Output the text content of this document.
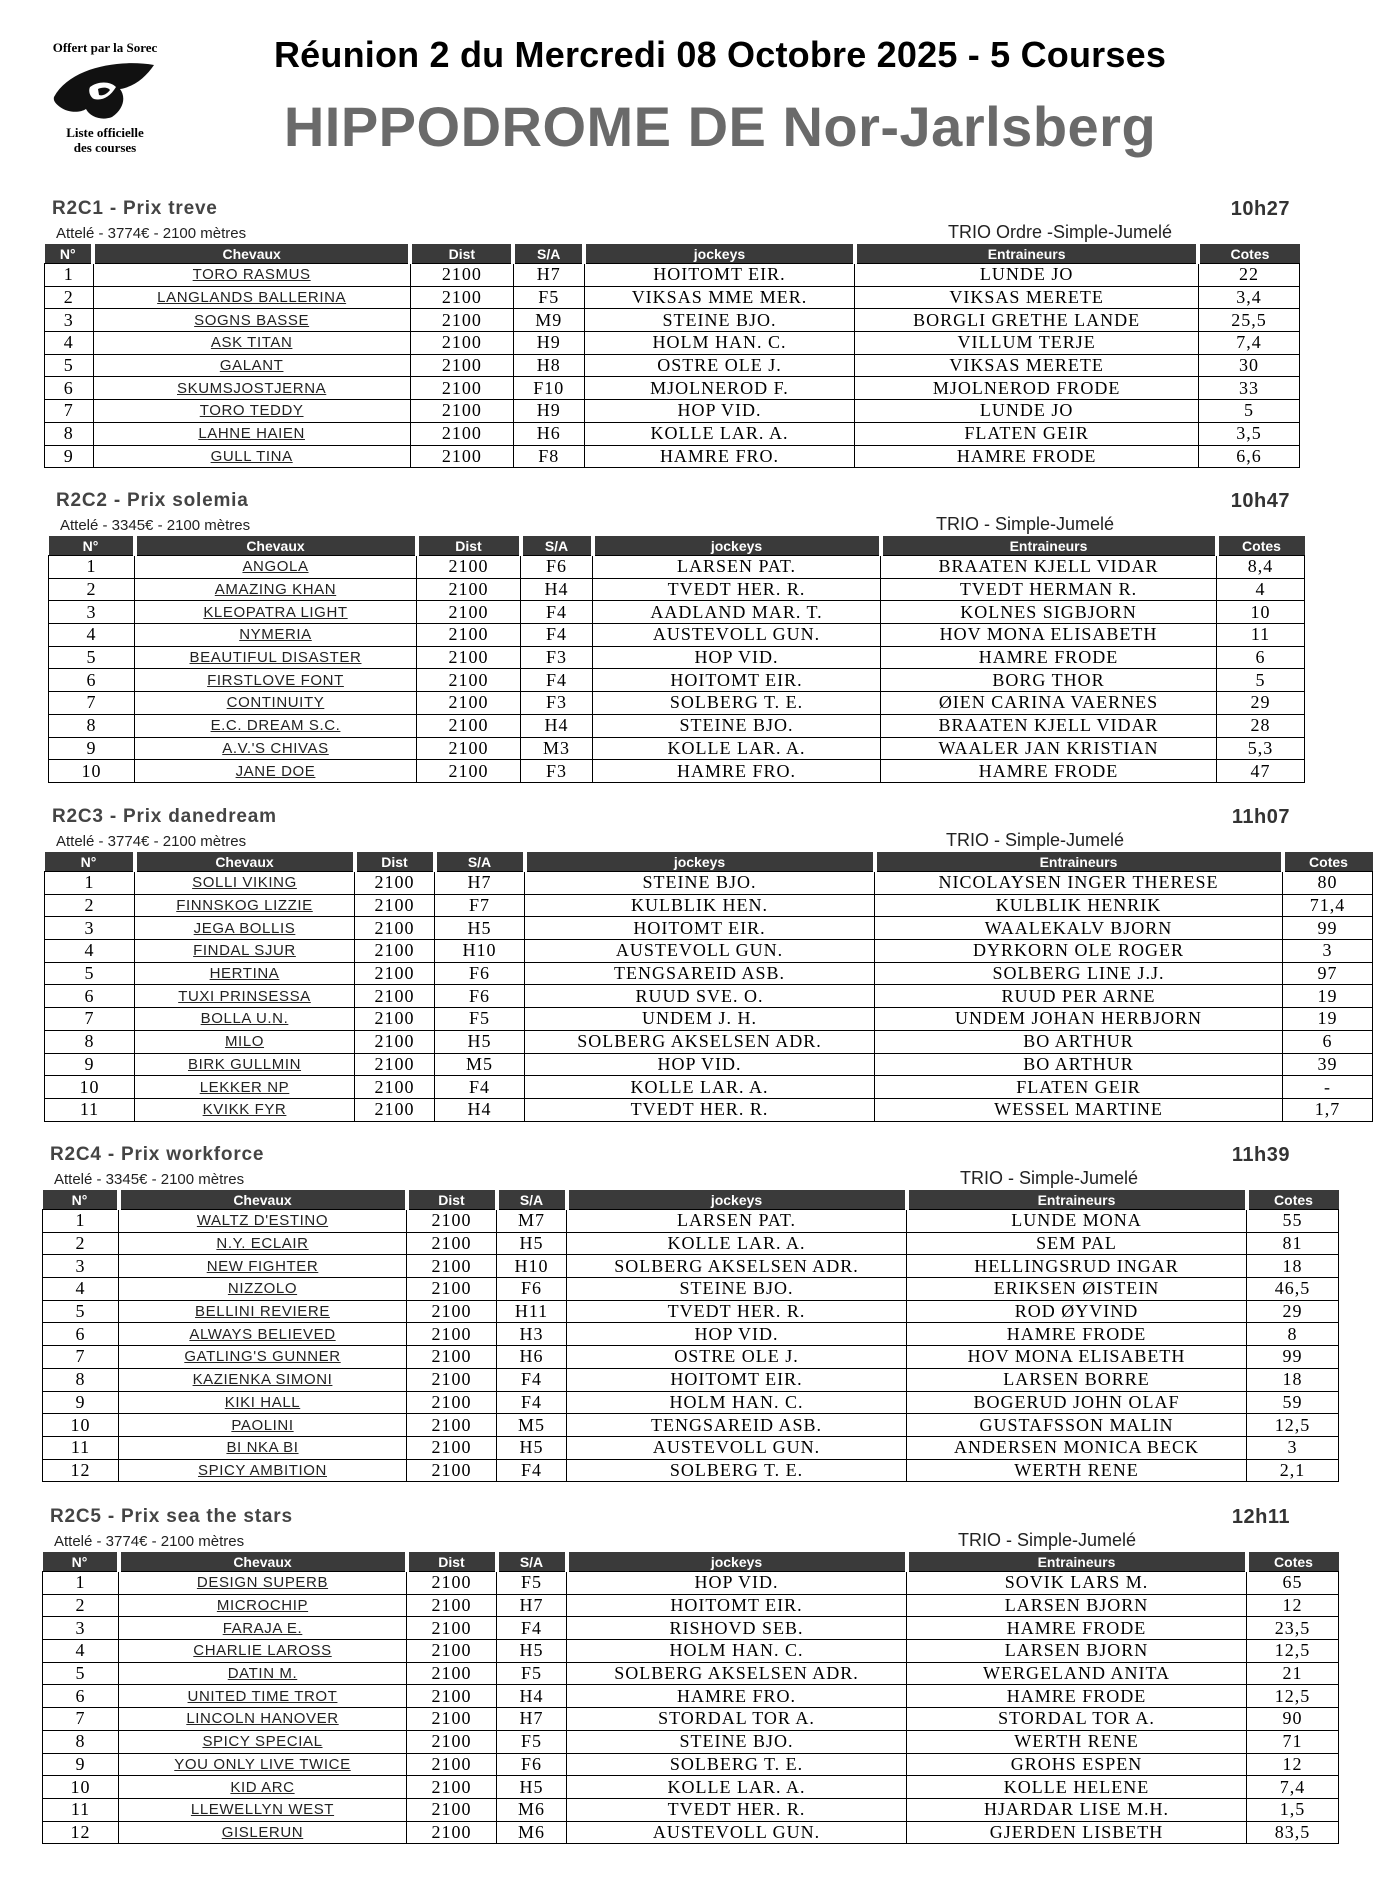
Offert par la Sorec
Liste officielle
des courses
Réunion 2 du Mercredi 08 Octobre 2025 - 5 Courses
HIPPODROME DE Nor-Jarlsberg
R2C1 - Prix treve	10h27
Attelé - 3774€ - 2100 mètres	TRIO Ordre -Simple-Jumelé
N°	Chevaux	Dist	S/A	jockeys	Entraineurs	Cotes
1	TORO RASMUS	2100	H7	HOITOMT EIR.	LUNDE JO	22
2	LANGLANDS BALLERINA	2100	F5	VIKSAS MME MER.	VIKSAS MERETE	3,4
3	SOGNS BASSE	2100	M9	STEINE BJO.	BORGLI GRETHE LANDE	25,5
4	ASK TITAN	2100	H9	HOLM HAN. C.	VILLUM TERJE	7,4
5	GALANT	2100	H8	OSTRE OLE J.	VIKSAS MERETE	30
6	SKUMSJOSTJERNA	2100	F10	MJOLNEROD F.	MJOLNEROD FRODE	33
7	TORO TEDDY	2100	H9	HOP VID.	LUNDE JO	5
8	LAHNE HAIEN	2100	H6	KOLLE LAR. A.	FLATEN GEIR	3,5
9	GULL TINA	2100	F8	HAMRE FRO.	HAMRE FRODE	6,6
R2C2 - Prix solemia	10h47
Attelé - 3345€ - 2100 mètres	TRIO - Simple-Jumelé
N°	Chevaux	Dist	S/A	jockeys	Entraineurs	Cotes
1	ANGOLA	2100	F6	LARSEN PAT.	BRAATEN KJELL VIDAR	8,4
2	AMAZING KHAN	2100	H4	TVEDT HER. R.	TVEDT HERMAN R.	4
3	KLEOPATRA LIGHT	2100	F4	AADLAND MAR. T.	KOLNES SIGBJORN	10
4	NYMERIA	2100	F4	AUSTEVOLL GUN.	HOV MONA ELISABETH	11
5	BEAUTIFUL DISASTER	2100	F3	HOP VID.	HAMRE FRODE	6
6	FIRSTLOVE FONT	2100	F4	HOITOMT EIR.	BORG THOR	5
7	CONTINUITY	2100	F3	SOLBERG T. E.	ØIEN CARINA VAERNES	29
8	E.C. DREAM S.C.	2100	H4	STEINE BJO.	BRAATEN KJELL VIDAR	28
9	A.V.'S CHIVAS	2100	M3	KOLLE LAR. A.	WAALER JAN KRISTIAN	5,3
10	JANE DOE	2100	F3	HAMRE FRO.	HAMRE FRODE	47
R2C3 - Prix danedream	11h07
Attelé - 3774€ - 2100 mètres	TRIO - Simple-Jumelé
N°	Chevaux	Dist	S/A	jockeys	Entraineurs	Cotes
1	SOLLI VIKING	2100	H7	STEINE BJO.	NICOLAYSEN INGER THERESE	80
2	FINNSKOG LIZZIE	2100	F7	KULBLIK HEN.	KULBLIK HENRIK	71,4
3	JEGA BOLLIS	2100	H5	HOITOMT EIR.	WAALEKALV BJORN	99
4	FINDAL SJUR	2100	H10	AUSTEVOLL GUN.	DYRKORN OLE ROGER	3
5	HERTINA	2100	F6	TENGSAREID ASB.	SOLBERG LINE J.J.	97
6	TUXI PRINSESSA	2100	F6	RUUD SVE. O.	RUUD PER ARNE	19
7	BOLLA U.N.	2100	F5	UNDEM J. H.	UNDEM JOHAN HERBJORN	19
8	MILO	2100	H5	SOLBERG AKSELSEN ADR.	BO ARTHUR	6
9	BIRK GULLMIN	2100	M5	HOP VID.	BO ARTHUR	39
10	LEKKER NP	2100	F4	KOLLE LAR. A.	FLATEN GEIR	-
11	KVIKK FYR	2100	H4	TVEDT HER. R.	WESSEL MARTINE	1,7
R2C4 - Prix workforce	11h39
Attelé - 3345€ - 2100 mètres	TRIO - Simple-Jumelé
N°	Chevaux	Dist	S/A	jockeys	Entraineurs	Cotes
1	WALTZ D'ESTINO	2100	M7	LARSEN PAT.	LUNDE MONA	55
2	N.Y. ECLAIR	2100	H5	KOLLE LAR. A.	SEM PAL	81
3	NEW FIGHTER	2100	H10	SOLBERG AKSELSEN ADR.	HELLINGSRUD INGAR	18
4	NIZZOLO	2100	F6	STEINE BJO.	ERIKSEN ØISTEIN	46,5
5	BELLINI REVIERE	2100	H11	TVEDT HER. R.	ROD ØYVIND	29
6	ALWAYS BELIEVED	2100	H3	HOP VID.	HAMRE FRODE	8
7	GATLING'S GUNNER	2100	H6	OSTRE OLE J.	HOV MONA ELISABETH	99
8	KAZIENKA SIMONI	2100	F4	HOITOMT EIR.	LARSEN BORRE	18
9	KIKI HALL	2100	F4	HOLM HAN. C.	BOGERUD JOHN OLAF	59
10	PAOLINI	2100	M5	TENGSAREID ASB.	GUSTAFSSON MALIN	12,5
11	BI NKA BI	2100	H5	AUSTEVOLL GUN.	ANDERSEN MONICA BECK	3
12	SPICY AMBITION	2100	F4	SOLBERG T. E.	WERTH RENE	2,1
R2C5 - Prix sea the stars	12h11
Attelé - 3774€ - 2100 mètres	TRIO - Simple-Jumelé
N°	Chevaux	Dist	S/A	jockeys	Entraineurs	Cotes
1	DESIGN SUPERB	2100	F5	HOP VID.	SOVIK LARS M.	65
2	MICROCHIP	2100	H7	HOITOMT EIR.	LARSEN BJORN	12
3	FARAJA E.	2100	F4	RISHOVD SEB.	HAMRE FRODE	23,5
4	CHARLIE LAROSS	2100	H5	HOLM HAN. C.	LARSEN BJORN	12,5
5	DATIN M.	2100	F5	SOLBERG AKSELSEN ADR.	WERGELAND ANITA	21
6	UNITED TIME TROT	2100	H4	HAMRE FRO.	HAMRE FRODE	12,5
7	LINCOLN HANOVER	2100	H7	STORDAL TOR A.	STORDAL TOR A.	90
8	SPICY SPECIAL	2100	F5	STEINE BJO.	WERTH RENE	71
9	YOU ONLY LIVE TWICE	2100	F6	SOLBERG T. E.	GROHS ESPEN	12
10	KID ARC	2100	H5	KOLLE LAR. A.	KOLLE HELENE	7,4
11	LLEWELLYN WEST	2100	M6	TVEDT HER. R.	HJARDAR LISE M.H.	1,5
12	GISLERUN	2100	M6	AUSTEVOLL GUN.	GJERDEN LISBETH	83,5
